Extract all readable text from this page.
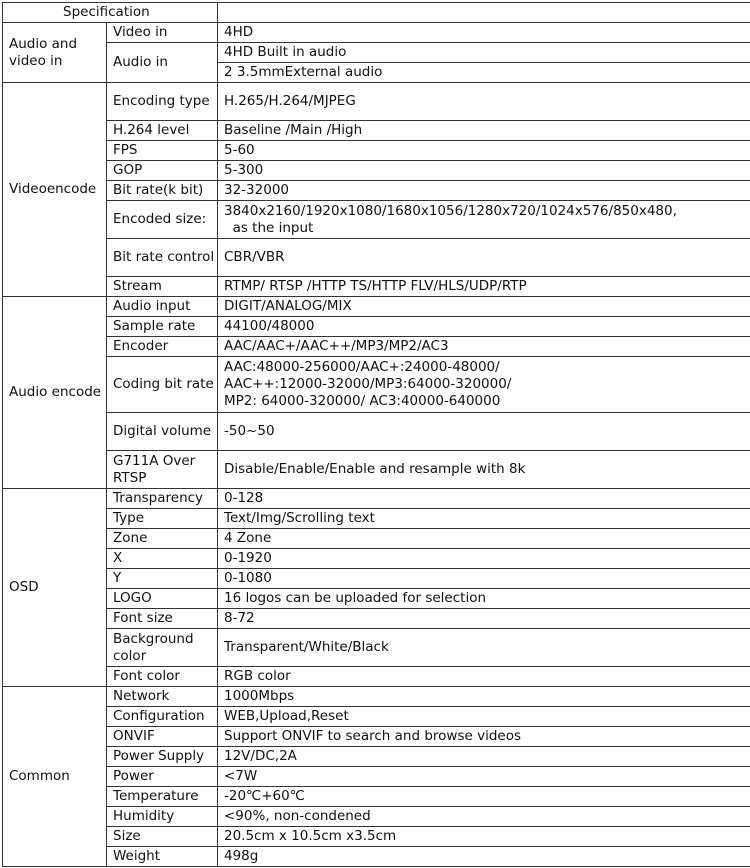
Specification		
Audio and video in	Video in	4HD
	Audio in	4HD Built in audio
		2 3.5mmExternal audio
Videoencode	Encoding type	H.265/H.264/MJPEG
	H.264 level	Baseline /Main /High
	FPS	5-60
	GOP	5-300
	Bit rate(k bit)	32-32000
	Encoded size:	3840x2160/1920x1080/1680x1056/1280x720/1024x576/850x480,
as the input
	Bit rate control	CBR/VBR
	Stream	RTMP/ RTSP /HTTP TS/HTTP FLV/HLS/UDP/RTP
Audio encode	Audio input	DIGIT/ANALOG/MIX
	Sample rate	44100/48000
	Encoder	AAC/AAC+/AAC++/MP3/MP2/AC3
	Coding bit rate	AAC:48000-256000/AAC+:24000-48000/
AAC++:12000-32000/MP3:64000-320000/
MP2: 64000-320000/ AC3:40000-640000
	Digital volume	-50~50
	G711A Over RTSP	Disable/Enable/Enable and resample with 8k
OSD	Transparency	0-128
	Type	Text/Img/Scrolling text
	Zone	4 Zone
	X	0-1920
	Y	0-1080
	LOGO	16 logos can be uploaded for selection
	Font size	8-72
	Background color	Transparent/White/Black
	Font color	RGB color
Common	Network	1000Mbps
	Configuration	WEB,Upload,Reset
	ONVIF	Support ONVIF to search and browse videos
	Power Supply	12V/DC,2A
	Power	<7W
	Temperature	-20℃+60℃
	Humidity	<90%, non-condened
	Size	20.5cm x 10.5cm x3.5cm
	Weight	498g
